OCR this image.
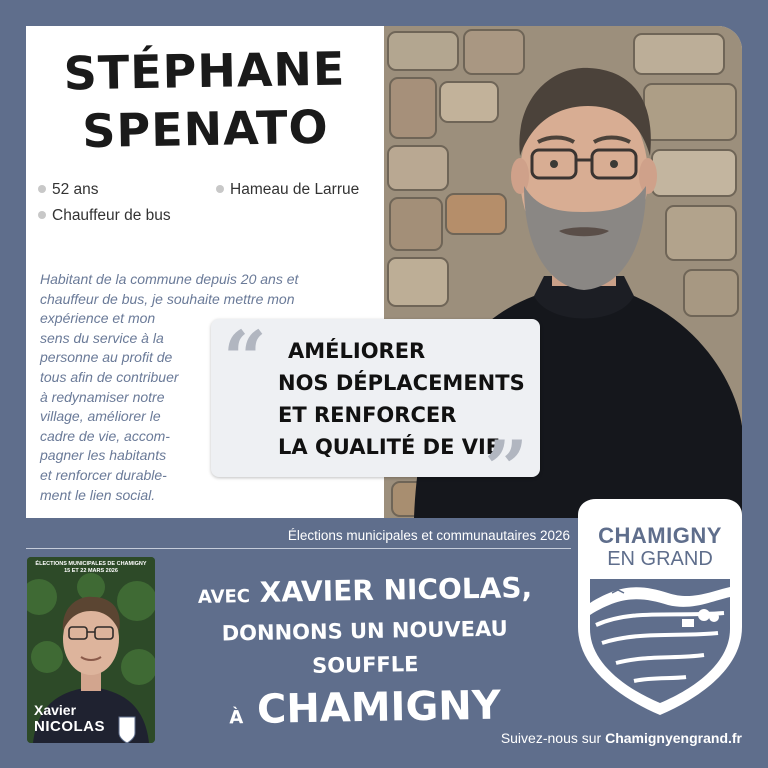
STÉPHANE
SPENATO
52 ans	Hameau de Larrue
Chauffeur de bus
Habitant de la commune depuis 20 ans et
chauffeur de bus, je souhaite mettre mon
expérience et mon
sens du service à la
personne au profit de
tous afin de contribuer
à redynamiser notre
village, améliorer le
cadre de vie, accom-
pagner les habitants
et renforcer durable-
ment le lien social.
“	AMÉLIORER
NOS DÉPLACEMENTS
ET RENFORCER
LA QUALITÉ DE VIE
”
Élections municipales et communautaires 2026
ÉLECTIONS MUNICIPALES DE CHAMIGNY
15 ET 22 MARS 2026
Xavier
NICOLAS
AVEC XAVIER NICOLAS,
DONNONS UN NOUVEAU SOUFFLE
À CHAMIGNY
CHAMIGNY
EN GRAND
Suivez-nous sur Chamignyengrand.fr
